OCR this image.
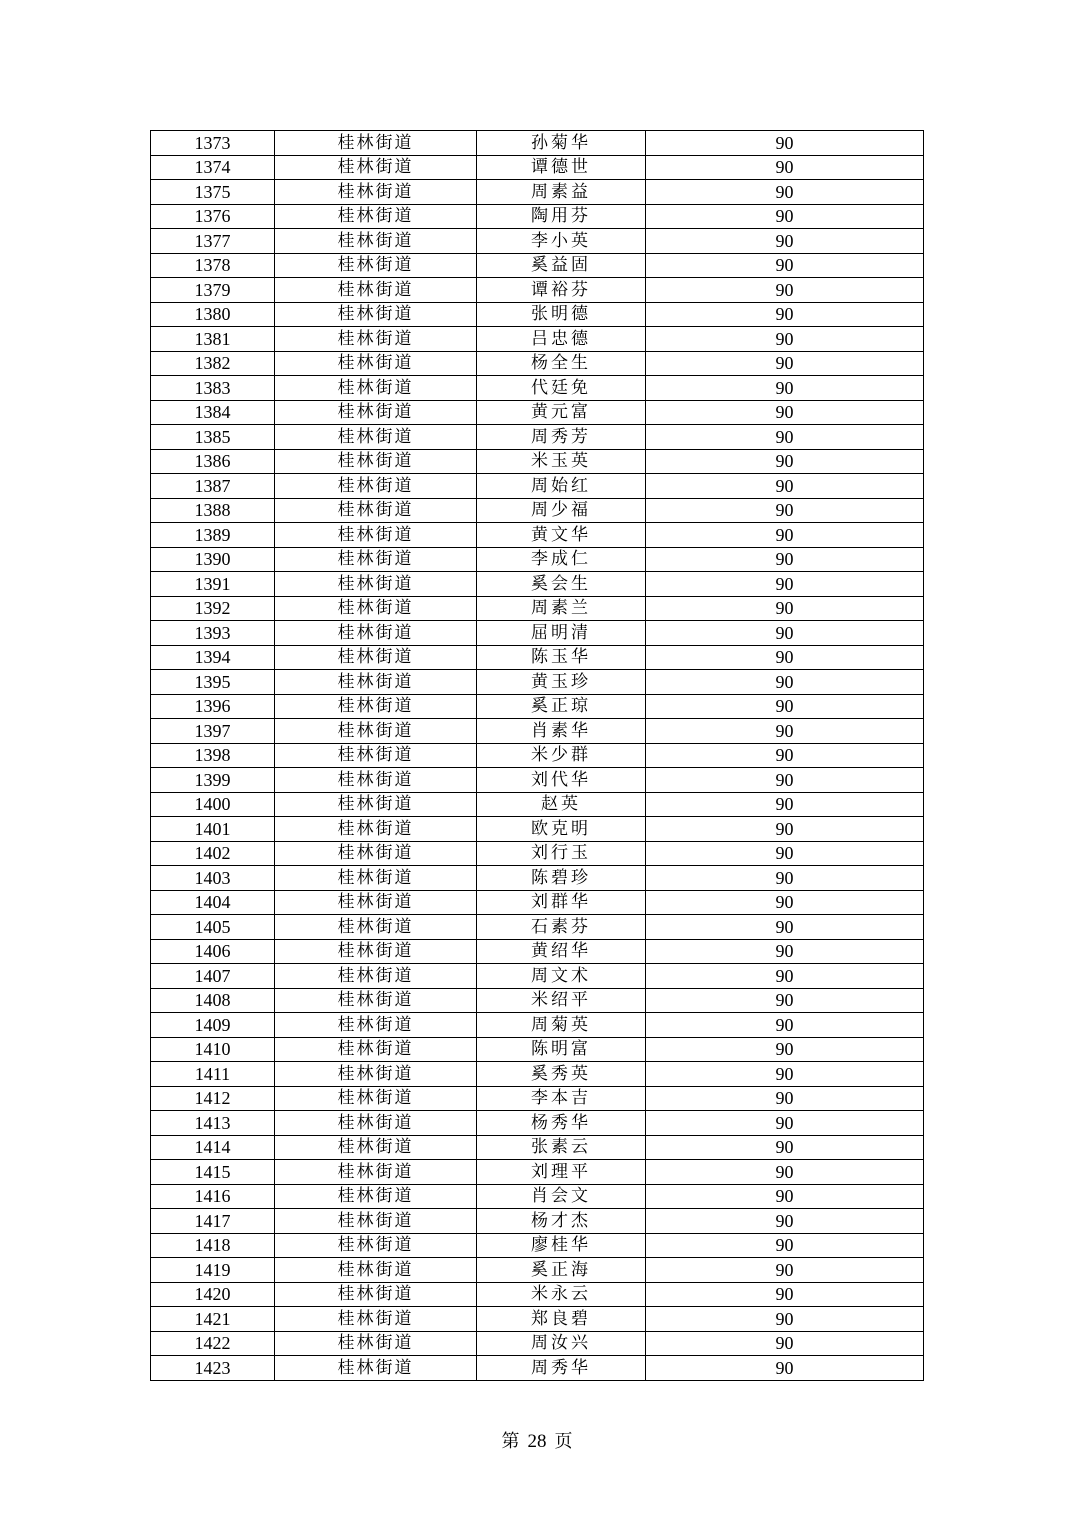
1373	桂林街道	孙菊华	90
1374	桂林街道	谭德世	90
1375	桂林街道	周素益	90
1376	桂林街道	陶用芬	90
1377	桂林街道	李小英	90
1378	桂林街道	奚益固	90
1379	桂林街道	谭裕芬	90
1380	桂林街道	张明德	90
1381	桂林街道	吕忠德	90
1382	桂林街道	杨全生	90
1383	桂林街道	代廷免	90
1384	桂林街道	黄元富	90
1385	桂林街道	周秀芳	90
1386	桂林街道	米玉英	90
1387	桂林街道	周始红	90
1388	桂林街道	周少福	90
1389	桂林街道	黄文华	90
1390	桂林街道	李成仁	90
1391	桂林街道	奚会生	90
1392	桂林街道	周素兰	90
1393	桂林街道	屈明清	90
1394	桂林街道	陈玉华	90
1395	桂林街道	黄玉珍	90
1396	桂林街道	奚正琼	90
1397	桂林街道	肖素华	90
1398	桂林街道	米少群	90
1399	桂林街道	刘代华	90
1400	桂林街道	赵英	90
1401	桂林街道	欧克明	90
1402	桂林街道	刘行玉	90
1403	桂林街道	陈碧珍	90
1404	桂林街道	刘群华	90
1405	桂林街道	石素芬	90
1406	桂林街道	黄绍华	90
1407	桂林街道	周文术	90
1408	桂林街道	米绍平	90
1409	桂林街道	周菊英	90
1410	桂林街道	陈明富	90
1411	桂林街道	奚秀英	90
1412	桂林街道	李本吉	90
1413	桂林街道	杨秀华	90
1414	桂林街道	张素云	90
1415	桂林街道	刘理平	90
1416	桂林街道	肖会文	90
1417	桂林街道	杨才杰	90
1418	桂林街道	廖桂华	90
1419	桂林街道	奚正海	90
1420	桂林街道	米永云	90
1421	桂林街道	郑良碧	90
1422	桂林街道	周汝兴	90
1423	桂林街道	周秀华	90
第 28 页
